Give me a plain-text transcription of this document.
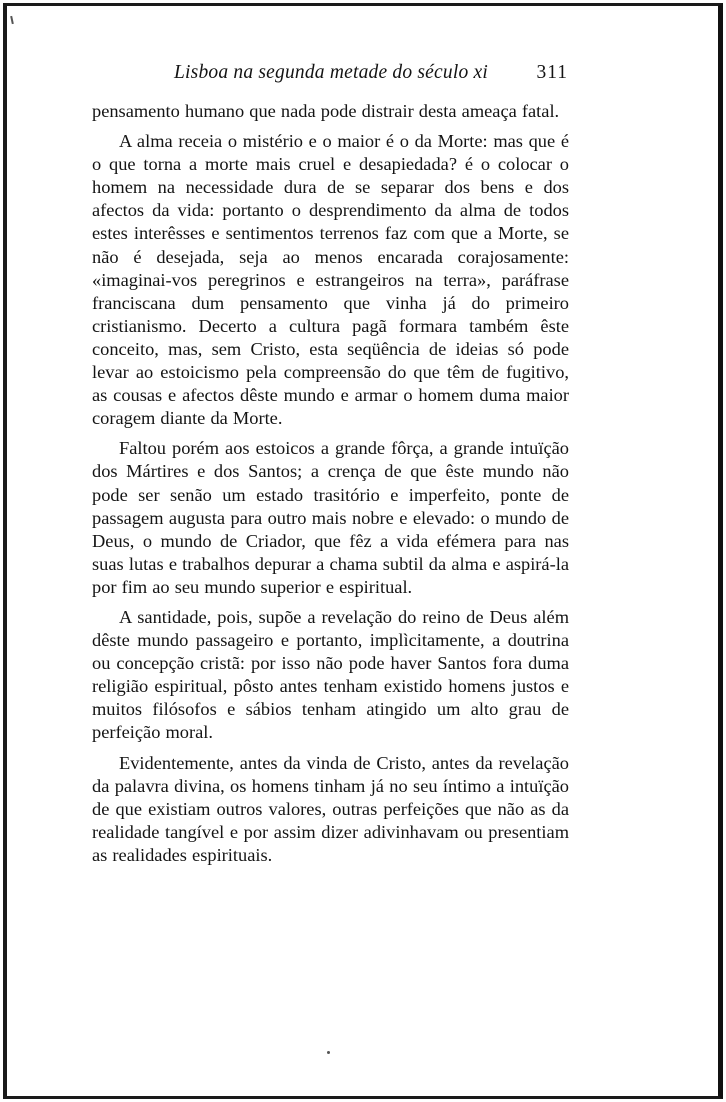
Lisboa na segunda metade do século xi 311

pensamento humano que nada pode distrair desta ameaça fatal.

A alma receia o mistério e o maior é o da Morte: mas que é o que torna a morte mais cruel e desapiedada? é o colocar o homem na necessidade dura de se separar dos bens e dos afectos da vida: portanto o desprendimento da alma de todos estes interêsses e sentimentos terrenos faz com que a Morte, se não é desejada, seja ao menos encarada corajosamente: «imaginai-vos peregrinos e estrangeiros na terra», paráfrase franciscana dum pensamento que vinha já do primeiro cristianismo. Decerto a cultura pagã formara também êste conceito, mas, sem Cristo, esta seqüência de ideias só pode levar ao estoicismo pela compreensão do que têm de fugitivo, as cousas e afectos dêste mundo e armar o homem duma maior coragem diante da Morte.

Faltou porém aos estoicos a grande fôrça, a grande intuïção dos Mártires e dos Santos; a crença de que êste mundo não pode ser senão um estado trasitório e imperfeito, ponte de passagem augusta para outro mais nobre e elevado: o mundo de Deus, o mundo de Criador, que fêz a vida efémera para nas suas lutas e trabalhos depurar a chama subtil da alma e aspirá-la por fim ao seu mundo superior e espiritual.

A santidade, pois, supõe a revelação do reino de Deus além dêste mundo passageiro e portanto, implìcitamente, a doutrina ou concepção cristã: por isso não pode haver Santos fora duma religião espiritual, pôsto antes tenham existido homens justos e muitos filósofos e sábios tenham atingido um alto grau de perfeição moral.

Evidentemente, antes da vinda de Cristo, antes da revelação da palavra divina, os homens tinham já no seu íntimo a intuïção de que existiam outros valores, outras perfeições que não as da realidade tangível e por assim dizer adivinhavam ou presentiam as realidades espirituais.
